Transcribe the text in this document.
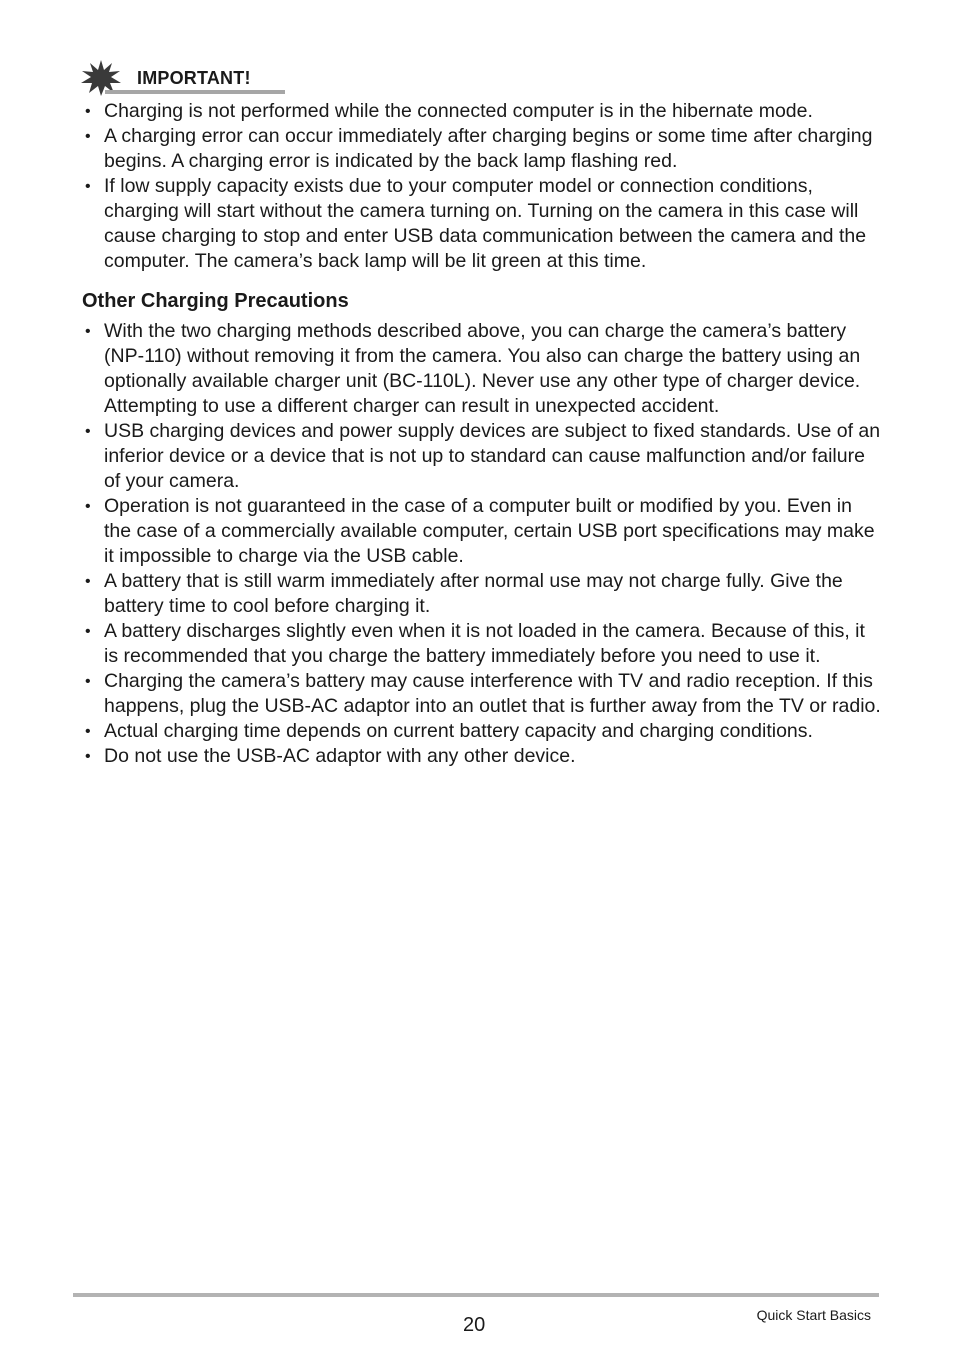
IMPORTANT!
• Charging is not performed while the connected computer is in the hibernate mode.
• A charging error can occur immediately after charging begins or some time after charging begins. A charging error is indicated by the back lamp flashing red.
• If low supply capacity exists due to your computer model or connection conditions, charging will start without the camera turning on. Turning on the camera in this case will cause charging to stop and enter USB data communication between the camera and the computer. The camera’s back lamp will be lit green at this time.
Other Charging Precautions
• With the two charging methods described above, you can charge the camera’s battery (NP-110) without removing it from the camera. You also can charge the battery using an optionally available charger unit (BC-110L). Never use any other type of charger device. Attempting to use a different charger can result in unexpected accident.
• USB charging devices and power supply devices are subject to fixed standards. Use of an inferior device or a device that is not up to standard can cause malfunction and/or failure of your camera.
• Operation is not guaranteed in the case of a computer built or modified by you. Even in the case of a commercially available computer, certain USB port specifications may make it impossible to charge via the USB cable.
• A battery that is still warm immediately after normal use may not charge fully. Give the battery time to cool before charging it.
• A battery discharges slightly even when it is not loaded in the camera. Because of this, it is recommended that you charge the battery immediately before you need to use it.
• Charging the camera’s battery may cause interference with TV and radio reception. If this happens, plug the USB-AC adaptor into an outlet that is further away from the TV or radio.
• Actual charging time depends on current battery capacity and charging conditions.
• Do not use the USB-AC adaptor with any other device.
20	Quick Start Basics
